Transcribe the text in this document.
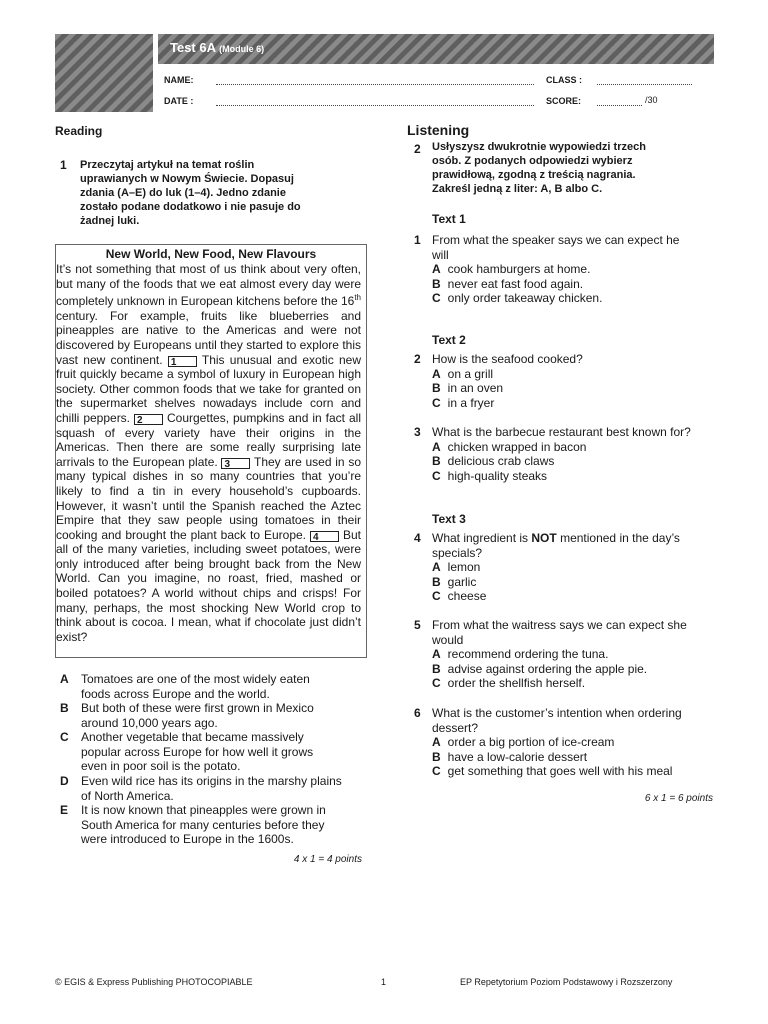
Test 6A (Module 6)
NAME:	CLASS :
DATE :	SCORE:	/30
Reading
1 Przeczytaj artykuł na temat roślin
uprawianych w Nowym Świecie. Dopasuj
zdania (A–E) do luk (1–4). Jedno zdanie
zostało podane dodatkowo i nie pasuje do
żadnej luki.
New World, New Food, New Flavours
It’s not something that most of us think about very often, but many of the foods that we eat almost every day were completely unknown in European kitchens before the 16th century. For example, fruits like blueberries and pineapples are native to the Americas and were not discovered by Europeans until they started to explore this vast new continent. 1 This unusual and exotic new fruit quickly became a symbol of luxury in European high society. Other common foods that we take for granted on the supermarket shelves nowadays include corn and chilli peppers. 2 Courgettes, pumpkins and in fact all squash of every variety have their origins in the Americas. Then there are some really surprising late arrivals to the European plate. 3 They are used in so many typical dishes in so many countries that you’re likely to find a tin in every household’s cupboards. However, it wasn’t until the Spanish reached the Aztec Empire that they saw people using tomatoes in their cooking and brought the plant back to Europe. 4 But all of the many varieties, including sweet potatoes, were only introduced after being brought back from the New World. Can you imagine, no roast, fried, mashed or boiled potatoes? A world without chips and crisps! For many, perhaps, the most shocking New World crop to think about is cocoa. I mean, what if chocolate just didn’t exist?
A Tomatoes are one of the most widely eaten
foods across Europe and the world.
B But both of these were first grown in Mexico
around 10,000 years ago.
C Another vegetable that became massively
popular across Europe for how well it grows
even in poor soil is the potato.
D Even wild rice has its origins in the marshy plains
of North America.
E It is now known that pineapples were grown in
South America for many centuries before they
were introduced to Europe in the 1600s.
4 x 1 = 4 points
Listening
2 Usłyszysz dwukrotnie wypowiedzi trzech
osób. Z podanych odpowiedzi wybierz
prawidłową, zgodną z treścią nagrania.
Zakreśl jedną z liter: A, B albo C.
Text 1
1 From what the speaker says we can expect he
will
A cook hamburgers at home.
B never eat fast food again.
C only order takeaway chicken.
Text 2
2 How is the seafood cooked?
A on a grill
B in an oven
C in a fryer
3 What is the barbecue restaurant best known for?
A chicken wrapped in bacon
B delicious crab claws
C high-quality steaks
Text 3
4 What ingredient is NOT mentioned in the day’s
specials?
A lemon
B garlic
C cheese
5 From what the waitress says we can expect she
would
A recommend ordering the tuna.
B advise against ordering the apple pie.
C order the shellfish herself.
6 What is the customer’s intention when ordering
dessert?
A order a big portion of ice-cream
B have a low-calorie dessert
C get something that goes well with his meal
6 x 1 = 6 points
© EGIS & Express Publishing PHOTOCOPIABLE	1	EP Repetytorium Poziom Podstawowy i Rozszerzony
